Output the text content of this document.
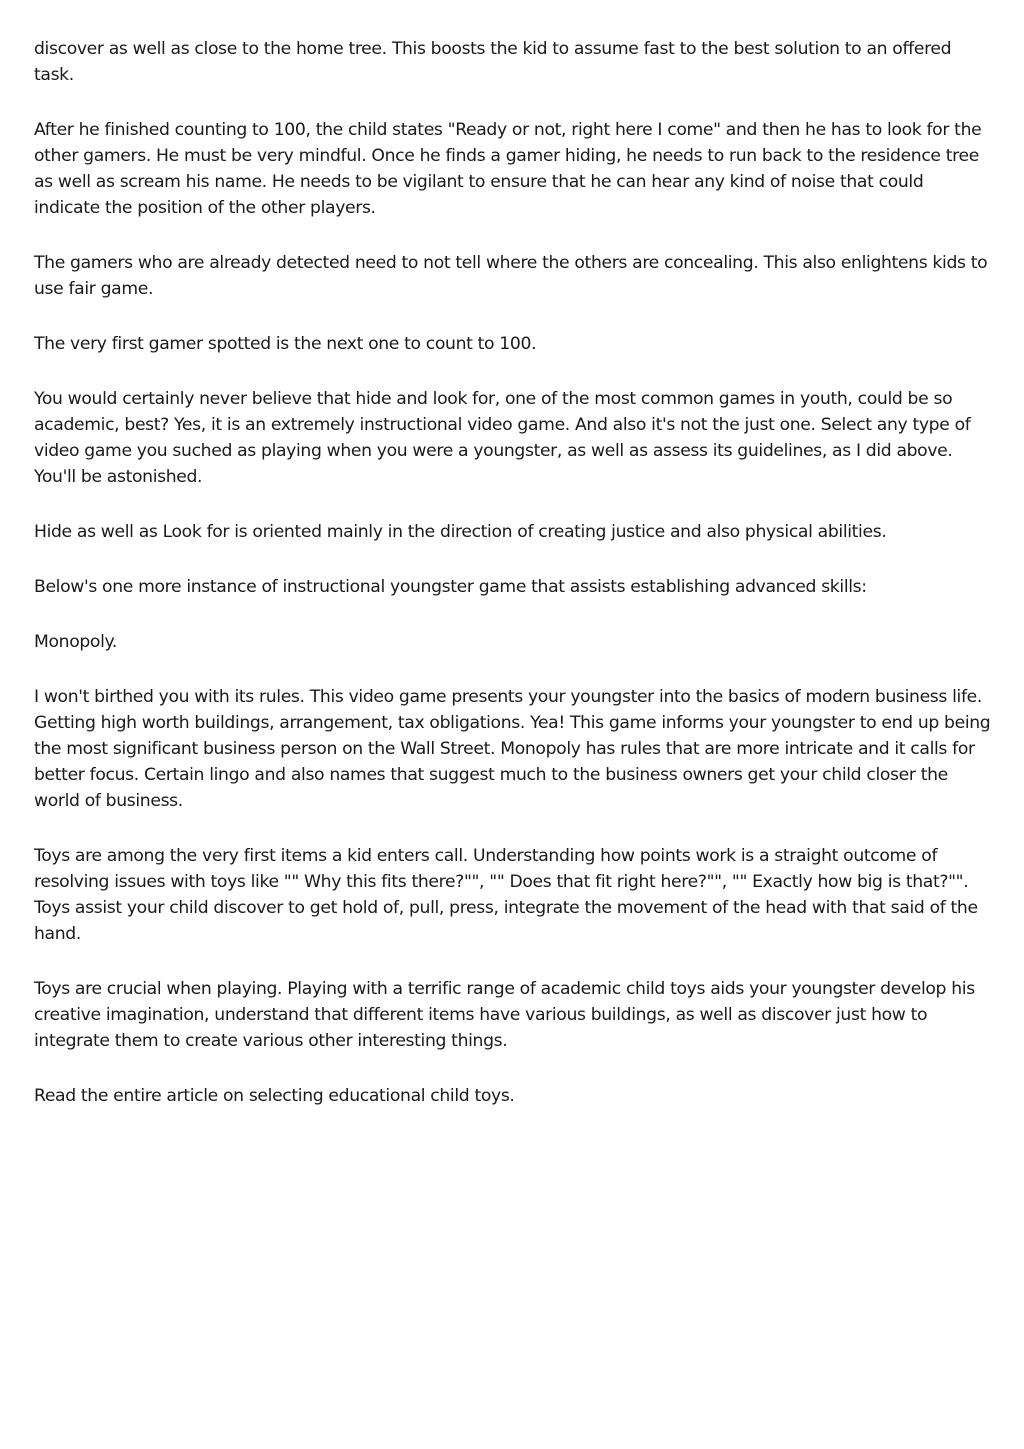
discover as well as close to the home tree. This boosts the kid to assume fast to the best solution to an offered task.

After he finished counting to 100, the child states "Ready or not, right here I come" and then he has to look for the other gamers. He must be very mindful. Once he finds a gamer hiding, he needs to run back to the residence tree as well as scream his name. He needs to be vigilant to ensure that he can hear any kind of noise that could indicate the position of the other players.

The gamers who are already detected need to not tell where the others are concealing. This also enlightens kids to use fair game.

The very first gamer spotted is the next one to count to 100.

You would certainly never believe that hide and look for, one of the most common games in youth, could be so academic, best? Yes, it is an extremely instructional video game. And also it's not the just one. Select any type of video game you suched as playing when you were a youngster, as well as assess its guidelines, as I did above. You'll be astonished.

Hide as well as Look for is oriented mainly in the direction of creating justice and also physical abilities.

Below's one more instance of instructional youngster game that assists establishing advanced skills:

Monopoly.

I won't birthed you with its rules. This video game presents your youngster into the basics of modern business life. Getting high worth buildings, arrangement, tax obligations. Yea! This game informs your youngster to end up being the most significant business person on the Wall Street. Monopoly has rules that are more intricate and it calls for better focus. Certain lingo and also names that suggest much to the business owners get your child closer the world of business.

Toys are among the very first items a kid enters call. Understanding how points work is a straight outcome of resolving issues with toys like "" Why this fits there?"", "" Does that fit right here?"", "" Exactly how big is that?"". Toys assist your child discover to get hold of, pull, press, integrate the movement of the head with that said of the hand.

Toys are crucial when playing. Playing with a terrific range of academic child toys aids your youngster develop his creative imagination, understand that different items have various buildings, as well as discover just how to integrate them to create various other interesting things.

Read the entire article on selecting educational child toys.
